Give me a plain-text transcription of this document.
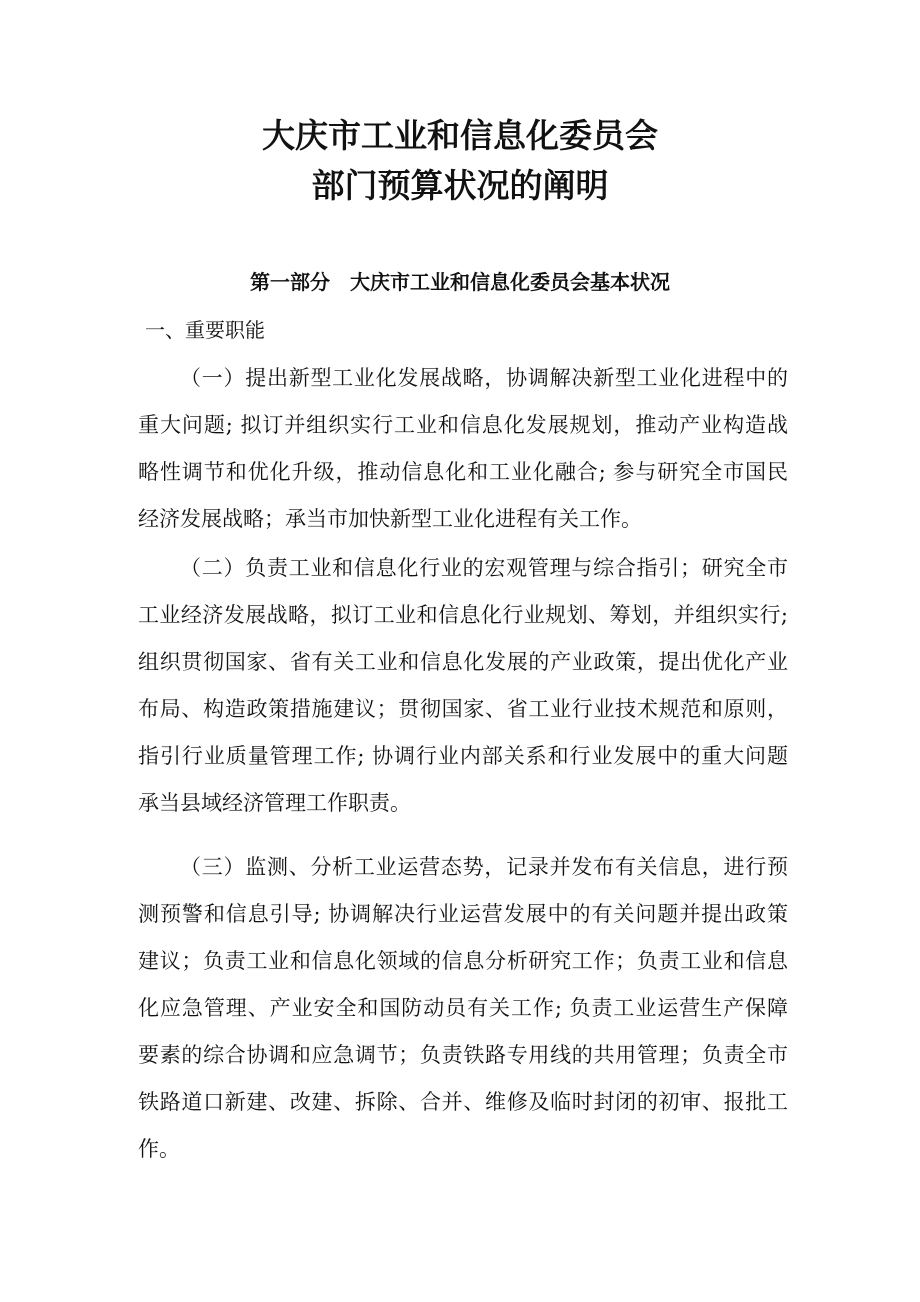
大庆市工业和信息化委员会
部门预算状况的阐明
第一部分　大庆市工业和信息化委员会基本状况
一、重要职能
（一）提出新型工业化发展战略，协调解决新型工业化进程中的
重大问题; 拟订并组织实行工业和信息化发展规划，推动产业构造战
略性调节和优化升级，推动信息化和工业化融合; 参与研究全市国民
经济发展战略；承当市加快新型工业化进程有关工作。
（二）负责工业和信息化行业的宏观管理与综合指引；研究全市
工业经济发展战略，拟订工业和信息化行业规划、筹划，并组织实行;
组织贯彻国家、省有关工业和信息化发展的产业政策，提出优化产业
布局、构造政策措施建议；贯彻国家、省工业行业技术规范和原则，
指引行业质量管理工作; 协调行业内部关系和行业发展中的重大问题
承当县域经济管理工作职责。
（三）监测、分析工业运营态势，记录并发布有关信息，进行预
测预警和信息引导; 协调解决行业运营发展中的有关问题并提出政策
建议；负责工业和信息化领域的信息分析研究工作；负责工业和信息
化应急管理、产业安全和国防动员有关工作; 负责工业运营生产保障
要素的综合协调和应急调节；负责铁路专用线的共用管理；负责全市
铁路道口新建、改建、拆除、合并、维修及临时封闭的初审、报批工
作。
